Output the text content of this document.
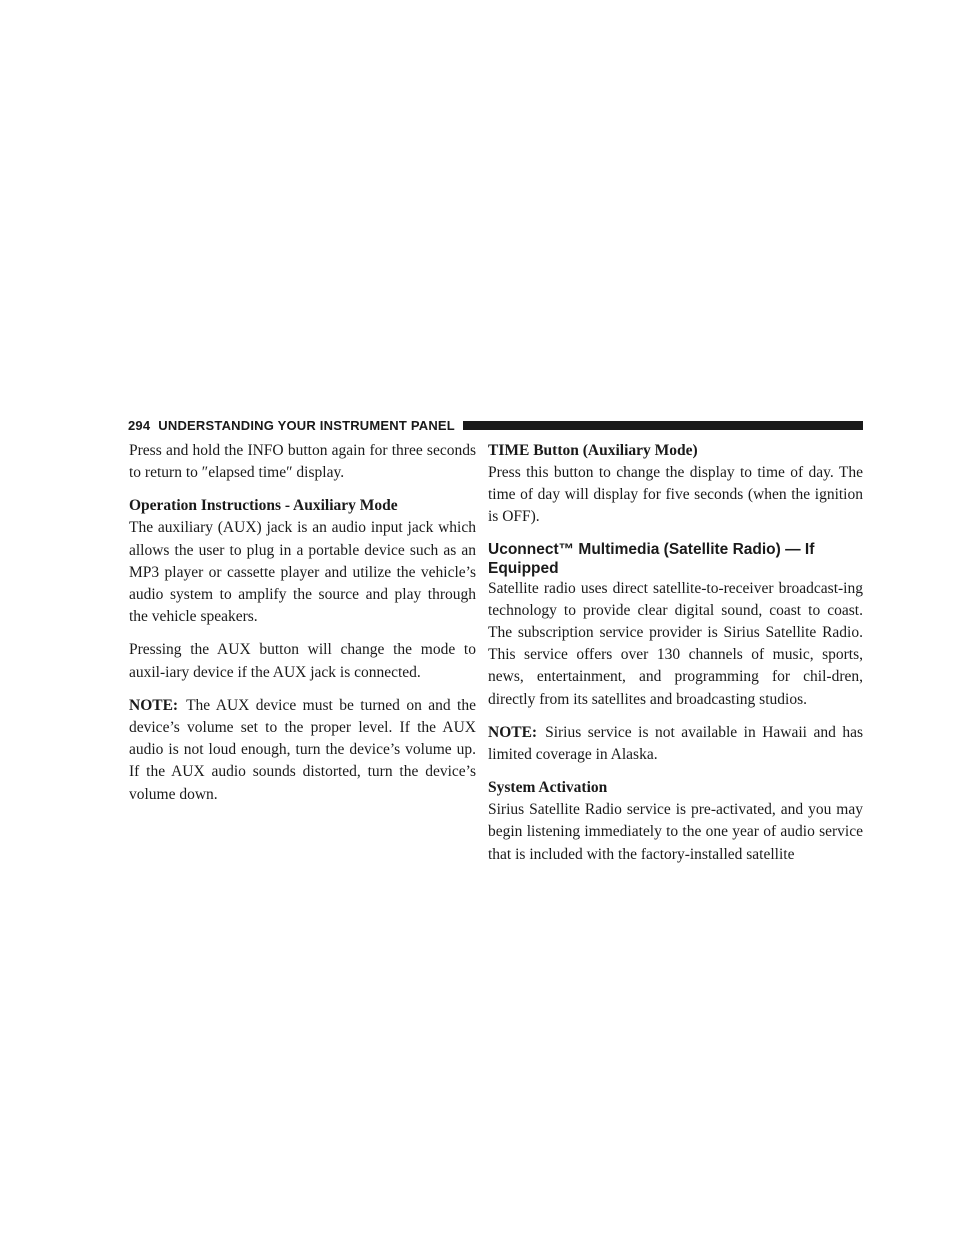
294 UNDERSTANDING YOUR INSTRUMENT PANEL

Press and hold the INFO button again for three seconds to return to ″elapsed time″ display.

Operation Instructions - Auxiliary Mode

The auxiliary (AUX) jack is an audio input jack which allows the user to plug in a portable device such as an MP3 player or cassette player and utilize the vehicle’s audio system to amplify the source and play through the vehicle speakers.

Pressing the AUX button will change the mode to auxil-iary device if the AUX jack is connected.

NOTE: The AUX device must be turned on and the device’s volume set to the proper level. If the AUX audio is not loud enough, turn the device’s volume up. If the AUX audio sounds distorted, turn the device’s volume down.

TIME Button (Auxiliary Mode)

Press this button to change the display to time of day. The time of day will display for five seconds (when the ignition is OFF).

Uconnect™ Multimedia (Satellite Radio) — If Equipped

Satellite radio uses direct satellite-to-receiver broadcast-ing technology to provide clear digital sound, coast to coast. The subscription service provider is Sirius Satellite Radio. This service offers over 130 channels of music, sports, news, entertainment, and programming for chil-dren, directly from its satellites and broadcasting studios.

NOTE: Sirius service is not available in Hawaii and has limited coverage in Alaska.

System Activation

Sirius Satellite Radio service is pre-activated, and you may begin listening immediately to the one year of audio service that is included with the factory-installed satellite
